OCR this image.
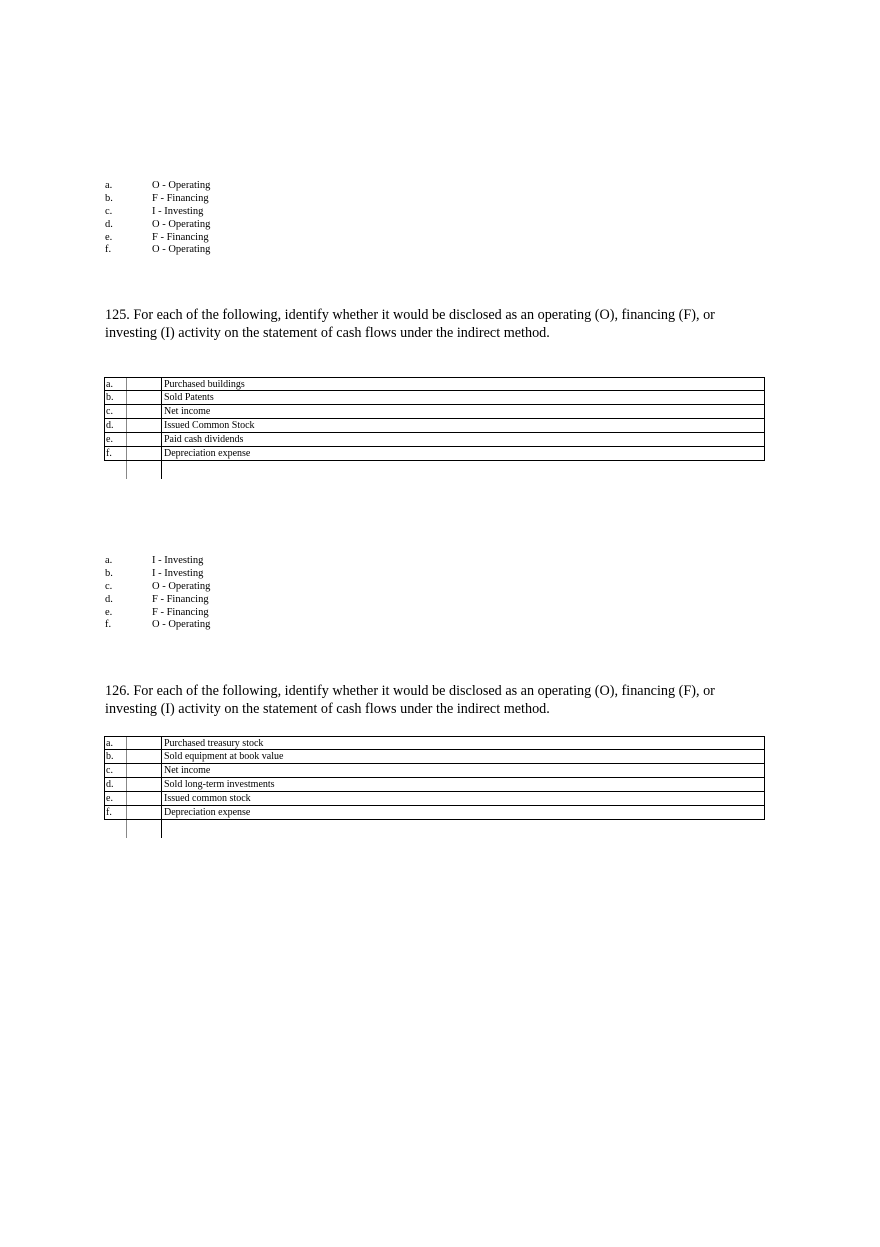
a.	O - Operating
b.	F - Financing
c.	I - Investing
d.	O - Operating
e.	F - Financing
f.	O - Operating
125. For each of the following, identify whether it would be disclosed as an operating (O), financing (F), or investing (I) activity on the statement of cash flows under the indirect method.
a.	Purchased buildings
b.	Sold Patents
c.	Net income
d.	Issued Common Stock
e.	Paid cash dividends
f.	Depreciation expense
a.	I - Investing
b.	I - Investing
c.	O - Operating
d.	F - Financing
e.	F - Financing
f.	O - Operating
126. For each of the following, identify whether it would be disclosed as an operating (O), financing (F), or investing (I) activity on the statement of cash flows under the indirect method.
a.	Purchased treasury stock
b.	Sold equipment at book value
c.	Net income
d.	Sold long-term investments
e.	Issued common stock
f.	Depreciation expense
